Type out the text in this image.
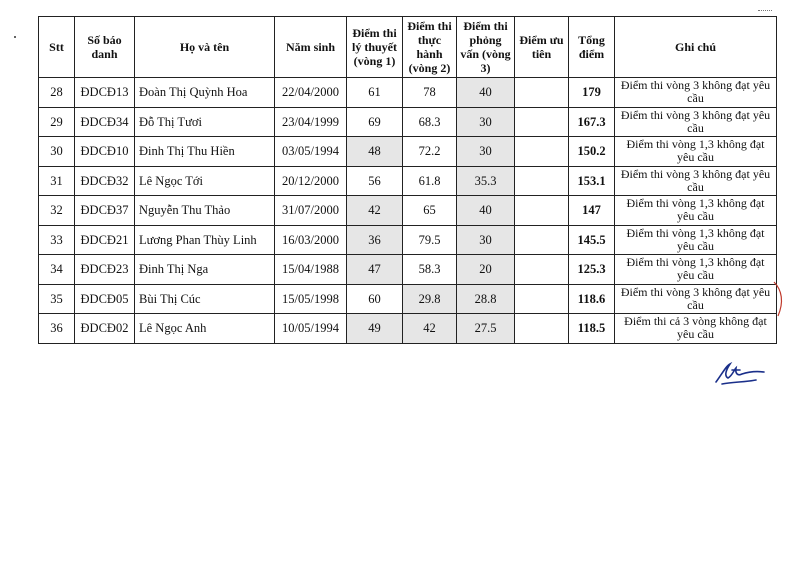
Stt	Số báo danh	Họ và tên	Năm sinh	Điểm thi lý thuyết (vòng 1)	Điểm thi thực hành (vòng 2)	Điểm thi phỏng vấn (vòng 3)	Điểm ưu tiên	Tổng điểm	Ghi chú
28	ĐDCĐ13	Đoàn Thị Quỳnh Hoa	22/04/2000	61	78	40		179	Điểm thi vòng 3 không đạt yêu cầu
29	ĐDCĐ34	Đỗ Thị Tươi	23/04/1999	69	68.3	30		167.3	Điểm thi vòng 3 không đạt yêu cầu
30	ĐDCĐ10	Đinh Thị Thu Hiền	03/05/1994	48	72.2	30		150.2	Điểm thi vòng 1,3 không đạt yêu cầu
31	ĐDCĐ32	Lê Ngọc Tới	20/12/2000	56	61.8	35.3		153.1	Điểm thi vòng 3 không đạt yêu cầu
32	ĐDCĐ37	Nguyễn Thu Thảo	31/07/2000	42	65	40		147	Điểm thi vòng 1,3 không đạt yêu cầu
33	ĐDCĐ21	Lương Phan Thùy Linh	16/03/2000	36	79.5	30		145.5	Điểm thi vòng 1,3 không đạt yêu cầu
34	ĐDCĐ23	Đinh Thị Nga	15/04/1988	47	58.3	20		125.3	Điểm thi vòng 1,3 không đạt yêu cầu
35	ĐDCĐ05	Bùi Thị Cúc	15/05/1998	60	29.8	28.8		118.6	Điểm thi vòng 3 không đạt yêu cầu
36	ĐDCĐ02	Lê Ngọc Anh	10/05/1994	49	42	27.5		118.5	Điểm thi cả 3 vòng không đạt yêu cầu
